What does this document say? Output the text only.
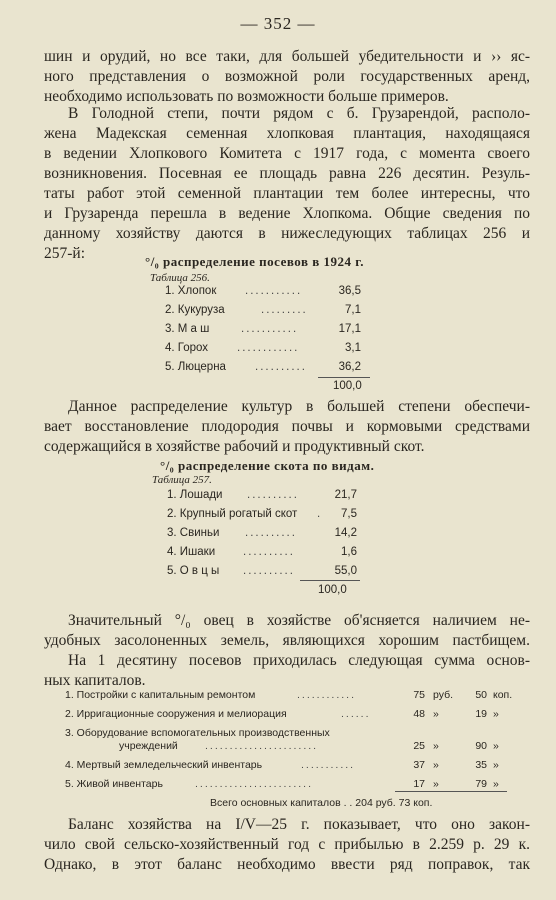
— 352 —
шин и орудий, но все таки, для большей убедительности и ›› яс-
ного представления о возможной роли государственных аренд,
необходимо использовать по возможности больше примеров.
В Голодной степи, почти рядом с б. Грузарендой, располо-
жена Мадекская семенная хлопковая плантация, находящаяся
в ведении Хлопкового Комитета с 1917 года, с момента своего
возникновения. Посевная ее площадь равна 226 десятин. Резуль-
таты работ этой семенной плантации тем более интересны, что
и Грузаренда перешла в ведение Хлопкома. Общие сведения по
данному хозяйству даются в нижеследующих таблицах 256 и
257-й:	°/₀ распределение посевов в 1924 г.
Таблица 256.
1. Хлопок ...........	36,5
2. Кукуруза	.........	7,1
3. М а ш	...........	17,1
4. Горох	............	3,1
5. Люцерна	..........	36,2
100,0
Данное распределение культур в большей степени обеспечи-
вает восстановление плодородия почвы и кормовыми средствами
содержащийся в хозяйстве рабочий и продуктивный скот.
°/₀ распределение скота по видам.
Таблица 257.
1. Лошади ..........	21,7
2. Крупный рогатый скот .	7,5
3. Свиньи ..........	14,2
4. Ишаки ..........	1,6
5. О в ц ы ..........	55,0
100,0
Значительный °/₀ овец в хозяйстве об'ясняется наличием не-
удобных засолоненных земель, являющихся хорошим пастбищем.
На 1 десятину посевов приходилась следующая сумма основ-
ных капиталов.
1. Постройки с капитальным ремонтом	............	75 руб.	50 коп.
2. Ирригационные сооружения и мелиорация	......	48 »	19 »
3. Оборудование вспомогательных производственных
учреждений	.......................	25 »	90 »
4. Мертвый земледельческий инвентарь	...........	37 »	35 »
5. Живой инвентарь	........................	17 »	79 »
Всего основных капиталов . . 204 руб. 73 коп.
Баланс хозяйства на I/V—25 г. показывает, что оно закон-
чило свой сельско-хозяйственный год с прибылью в 2.259 р. 29 к.
Однако, в этот баланс необходимо ввести ряд поправок, так
